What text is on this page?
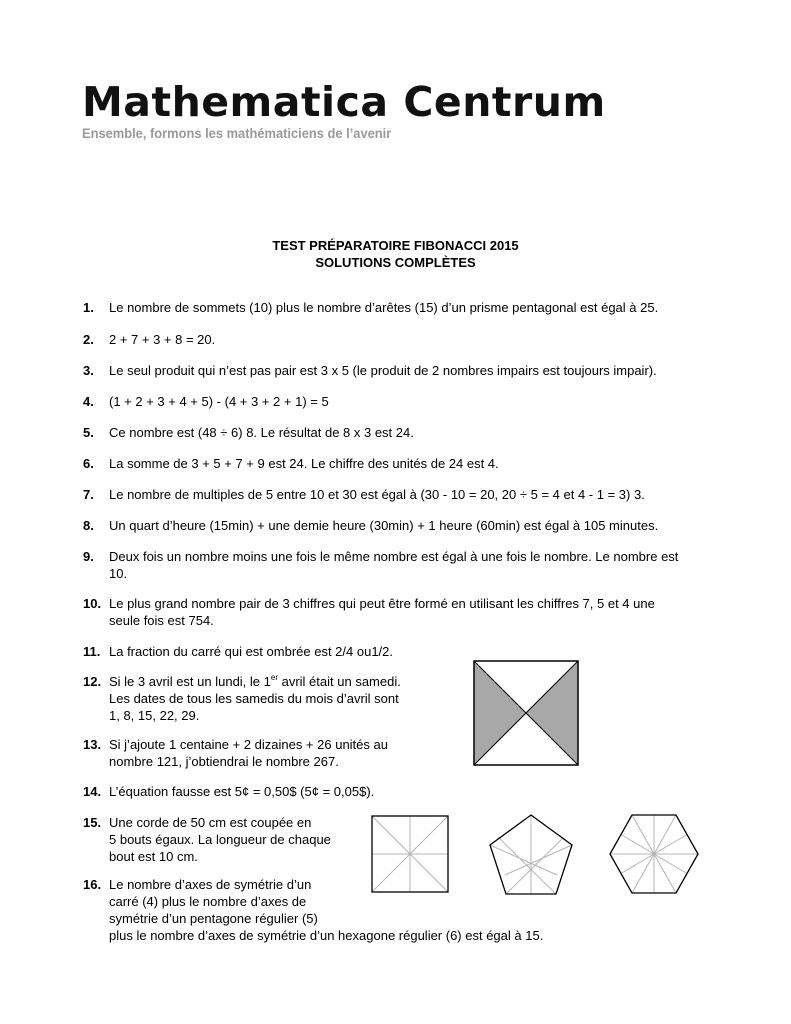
Mathematica Centrum

Ensemble, formons les mathématiciens de l’avenir

TEST PRÉPARATOIRE FIBONACCI 2015

SOLUTIONS COMPLÈTES

1. Le nombre de sommets (10) plus le nombre d’arêtes (15) d’un prisme pentagonal est égal à 25.
2. 2 + 7 + 3 + 8 = 20.
3. Le seul produit qui n’est pas pair est 3 x 5 (le produit de 2 nombres impairs est toujours impair).
4. (1 + 2 + 3 + 4 + 5) - (4 + 3 + 2 + 1) = 5
5. Ce nombre est (48 ÷ 6) 8. Le résultat de 8 x 3 est 24.
6. La somme de 3 + 5 + 7 + 9 est 24. Le chiffre des unités de 24 est 4.
7. Le nombre de multiples de 5 entre 10 et 30 est égal à (30 - 10 = 20, 20 ÷ 5 = 4 et 4 - 1 = 3) 3.
8. Un quart d’heure (15min) + une demie heure (30min) + 1 heure (60min) est égal à 105 minutes.
9. Deux fois un nombre moins une fois le même nombre est égal à une fois le nombre. Le nombre est
10.
10. Le plus grand nombre pair de 3 chiffres qui peut être formé en utilisant les chiffres 7, 5 et 4 une
seule fois est 754.
11. La fraction du carré qui est ombrée est 2/4 ou1/2.
12. Si le 3 avril est un lundi, le 1er avril était un samedi.
Les dates de tous les samedis du mois d’avril sont
1, 8, 15, 22, 29.
13. Si j’ajoute 1 centaine + 2 dizaines + 26 unités au
nombre 121, j’obtiendrai le nombre 267.
14. L’équation fausse est 5¢ = 0,50$ (5¢ = 0,05$).
15. Une corde de 50 cm est coupée en
5 bouts égaux. La longueur de chaque
bout est 10 cm.
16. Le nombre d’axes de symétrie d’un
carré (4) plus le nombre d’axes de
symétrie d’un pentagone régulier (5)
plus le nombre d’axes de symétrie d’un hexagone régulier (6) est égal à 15.
